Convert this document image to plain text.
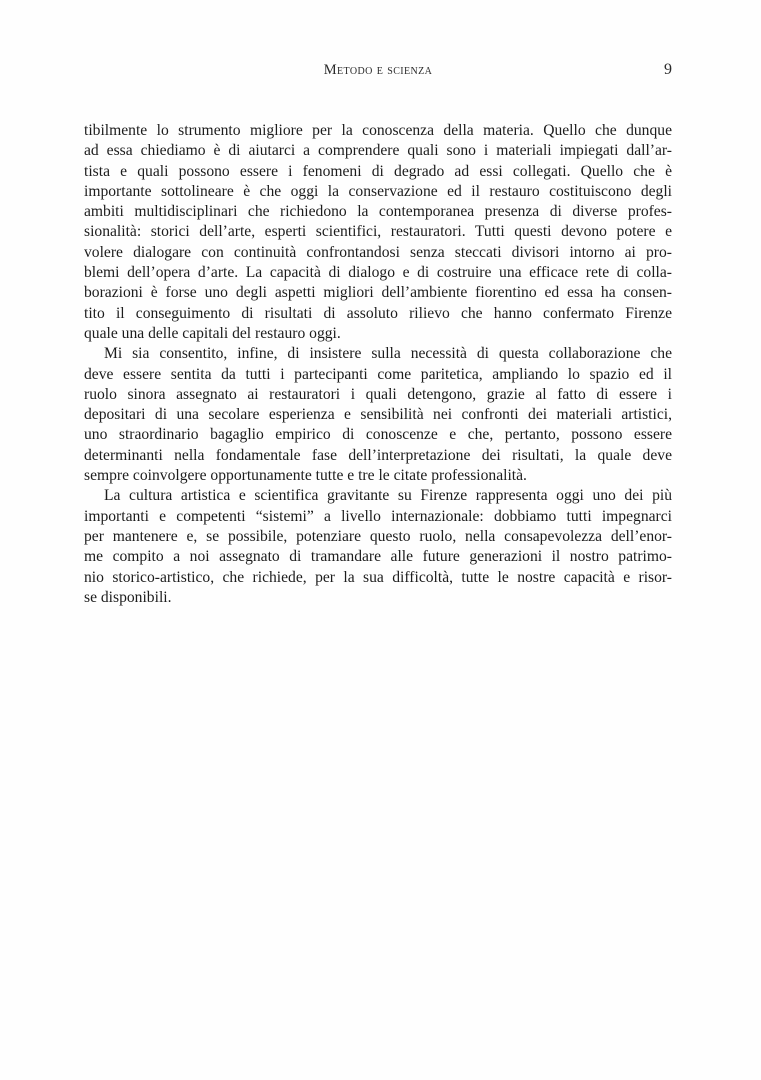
Metodo e scienza	9
tibilmente lo strumento migliore per la conoscenza della materia. Quello che dunque
ad essa chiediamo è di aiutarci a comprendere quali sono i materiali impiegati dall’ar-
tista e quali possono essere i fenomeni di degrado ad essi collegati. Quello che è
importante sottolineare è che oggi la conservazione ed il restauro costituiscono degli
ambiti multidisciplinari che richiedono la contemporanea presenza di diverse profes-
sionalità: storici dell’arte, esperti scientifici, restauratori. Tutti questi devono potere e
volere dialogare con continuità confrontandosi senza steccati divisori intorno ai pro-
blemi dell’opera d’arte. La capacità di dialogo e di costruire una efficace rete di colla-
borazioni è forse uno degli aspetti migliori dell’ambiente fiorentino ed essa ha consen-
tito il conseguimento di risultati di assoluto rilievo che hanno confermato Firenze
quale una delle capitali del restauro oggi.
Mi sia consentito, infine, di insistere sulla necessità di questa collaborazione che
deve essere sentita da tutti i partecipanti come paritetica, ampliando lo spazio ed il
ruolo sinora assegnato ai restauratori i quali detengono, grazie al fatto di essere i
depositari di una secolare esperienza e sensibilità nei confronti dei materiali artistici,
uno straordinario bagaglio empirico di conoscenze e che, pertanto, possono essere
determinanti nella fondamentale fase dell’interpretazione dei risultati, la quale deve
sempre coinvolgere opportunamente tutte e tre le citate professionalità.
La cultura artistica e scientifica gravitante su Firenze rappresenta oggi uno dei più
importanti e competenti “sistemi” a livello internazionale: dobbiamo tutti impegnarci
per mantenere e, se possibile, potenziare questo ruolo, nella consapevolezza dell’enor-
me compito a noi assegnato di tramandare alle future generazioni il nostro patrimo-
nio storico-artistico, che richiede, per la sua difficoltà, tutte le nostre capacità e risor-
se disponibili.
